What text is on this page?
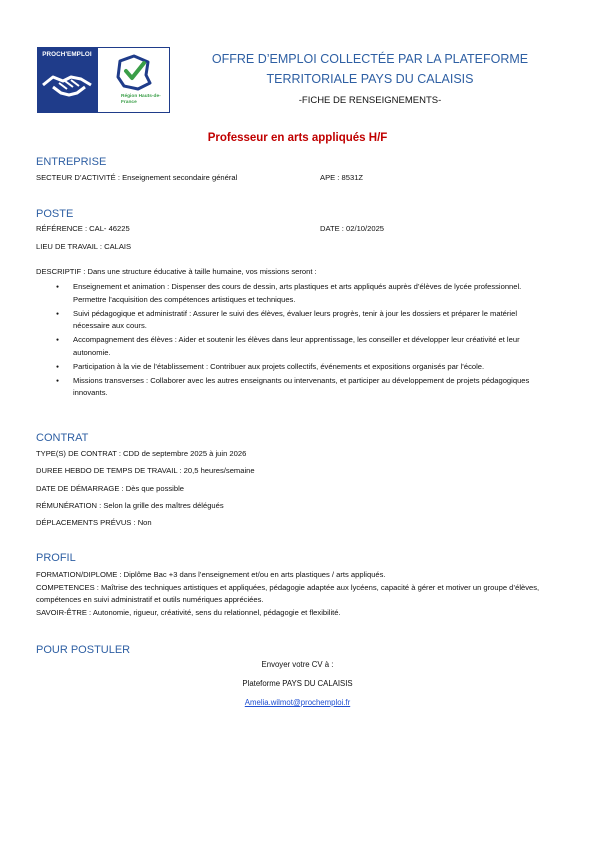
PROCH'EMPLOI
Région Hauts-de-France
OFFRE D’EMPLOI COLLECTÉE PAR LA PLATEFORME
TERRITORIALE PAYS DU CALAISIS
-FICHE DE RENSEIGNEMENTS-
Professeur en arts appliqués H/F
ENTREPRISE
SECTEUR D’ACTIVITÉ : Enseignement secondaire général	APE : 8531Z
POSTE
RÉFÉRENCE : CAL- 46225	DATE : 02/10/2025
LIEU DE TRAVAIL : CALAIS
DESCRIPTIF : Dans une structure éducative à taille humaine, vos missions seront :
● Enseignement et animation : Dispenser des cours de dessin, arts plastiques et arts appliqués auprès d’élèves de lycée professionnel. Permettre l’acquisition des compétences artistiques et techniques.
● Suivi pédagogique et administratif : Assurer le suivi des élèves, évaluer leurs progrès, tenir à jour les dossiers et préparer le matériel nécessaire aux cours.
● Accompagnement des élèves : Aider et soutenir les élèves dans leur apprentissage, les conseiller et développer leur créativité et leur autonomie.
● Participation à la vie de l’établissement : Contribuer aux projets collectifs, événements et expositions organisés par l’école.
● Missions transverses : Collaborer avec les autres enseignants ou intervenants, et participer au développement de projets pédagogiques innovants.
CONTRAT
TYPE(S) DE CONTRAT : CDD de septembre 2025 à juin 2026
DUREE HEBDO DE TEMPS DE TRAVAIL : 20,5 heures/semaine
DATE DE DÉMARRAGE : Dès que possible
RÉMUNÉRATION : Selon la grille des maîtres délégués
DÉPLACEMENTS PRÉVUS : Non
PROFIL
FORMATION/DIPLOME : Diplôme Bac +3 dans l’enseignement et/ou en arts plastiques / arts appliqués.
COMPETENCES : Maîtrise des techniques artistiques et appliquées, pédagogie adaptée aux lycéens, capacité à gérer et motiver un groupe d’élèves, compétences en suivi administratif et outils numériques appréciées.
SAVOIR-ÊTRE : Autonomie, rigueur, créativité, sens du relationnel, pédagogie et flexibilité.
POUR POSTULER
Envoyer votre CV à :
Plateforme PAYS DU CALAISIS
Amelia.wilmot@prochemploi.fr
